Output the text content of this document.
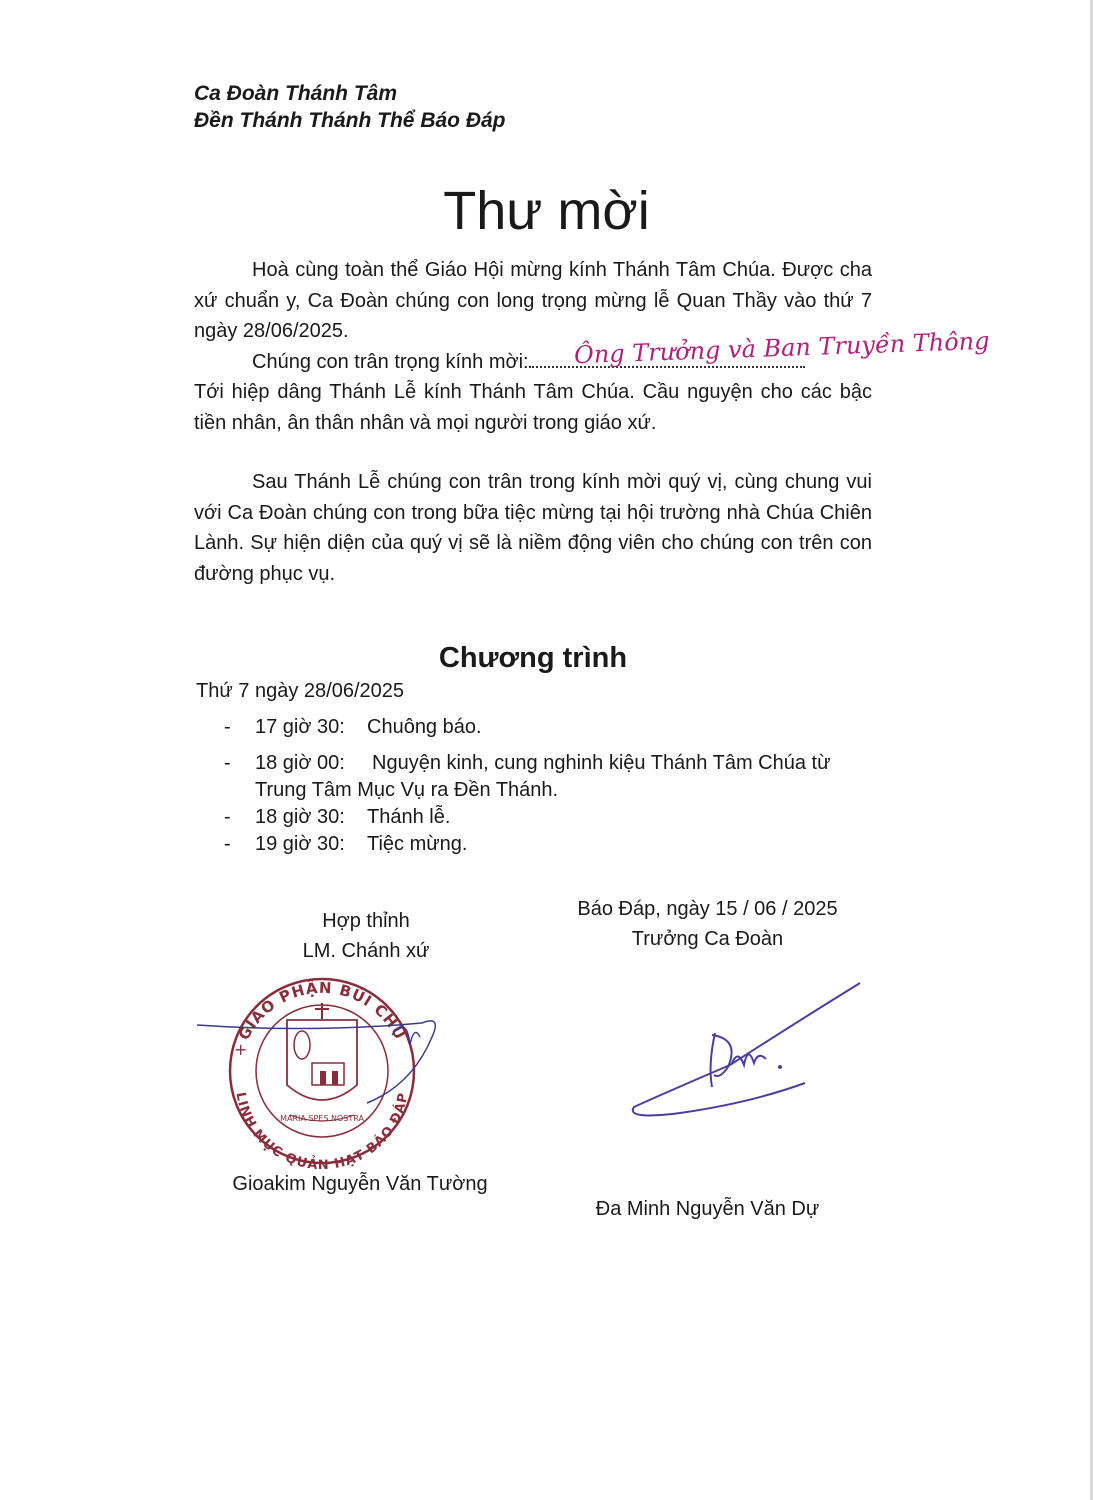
Ca Đoàn Thánh Tâm
Đền Thánh Thánh Thể Báo Đáp
Thư mời

Hoà cùng toàn thể Giáo Hội mừng kính Thánh Tâm Chúa. Được cha xứ chuẩn y, Ca Đoàn chúng con long trọng mừng lễ Quan Thầy vào thứ 7 ngày 28/06/2025.

Chúng con trân trọng kính mời:	Ông Trưởng và Ban Truyền Thông

Tới hiệp dâng Thánh Lễ kính Thánh Tâm Chúa. Cầu nguyện cho các bậc tiền nhân, ân thân nhân và mọi người trong giáo xứ.

Sau Thánh Lễ chúng con trân trong kính mời quý vị, cùng chung vui với Ca Đoàn chúng con trong bữa tiệc mừng tại hội trường nhà Chúa Chiên Lành. Sự hiện diện của quý vị sẽ là niềm động viên cho chúng con trên con đường phục vụ.

Chương trình
Thứ 7 ngày 28/06/2025
- 17 giờ 30: Chuông báo.
- 18 giờ 00: Nguyện kinh, cung nghinh kiệu Thánh Tâm Chúa từ Trung Tâm Mục Vụ ra Đền Thánh.
- 18 giờ 30: Thánh lễ.
- 19 giờ 30: Tiệc mừng.
Hợp thỉnh
LM. Chánh xứ
GIÁO PHẬN BÙI CHU
LINH MỤC QUẢN HẠT BÁO ĐÁP
MARIA SPES NOSTRA
+
Gioakim Nguyễn Văn Tường
Báo Đáp, ngày 15 / 06 / 2025
Trưởng Ca Đoàn
Đa Minh Nguyễn Văn Dự
